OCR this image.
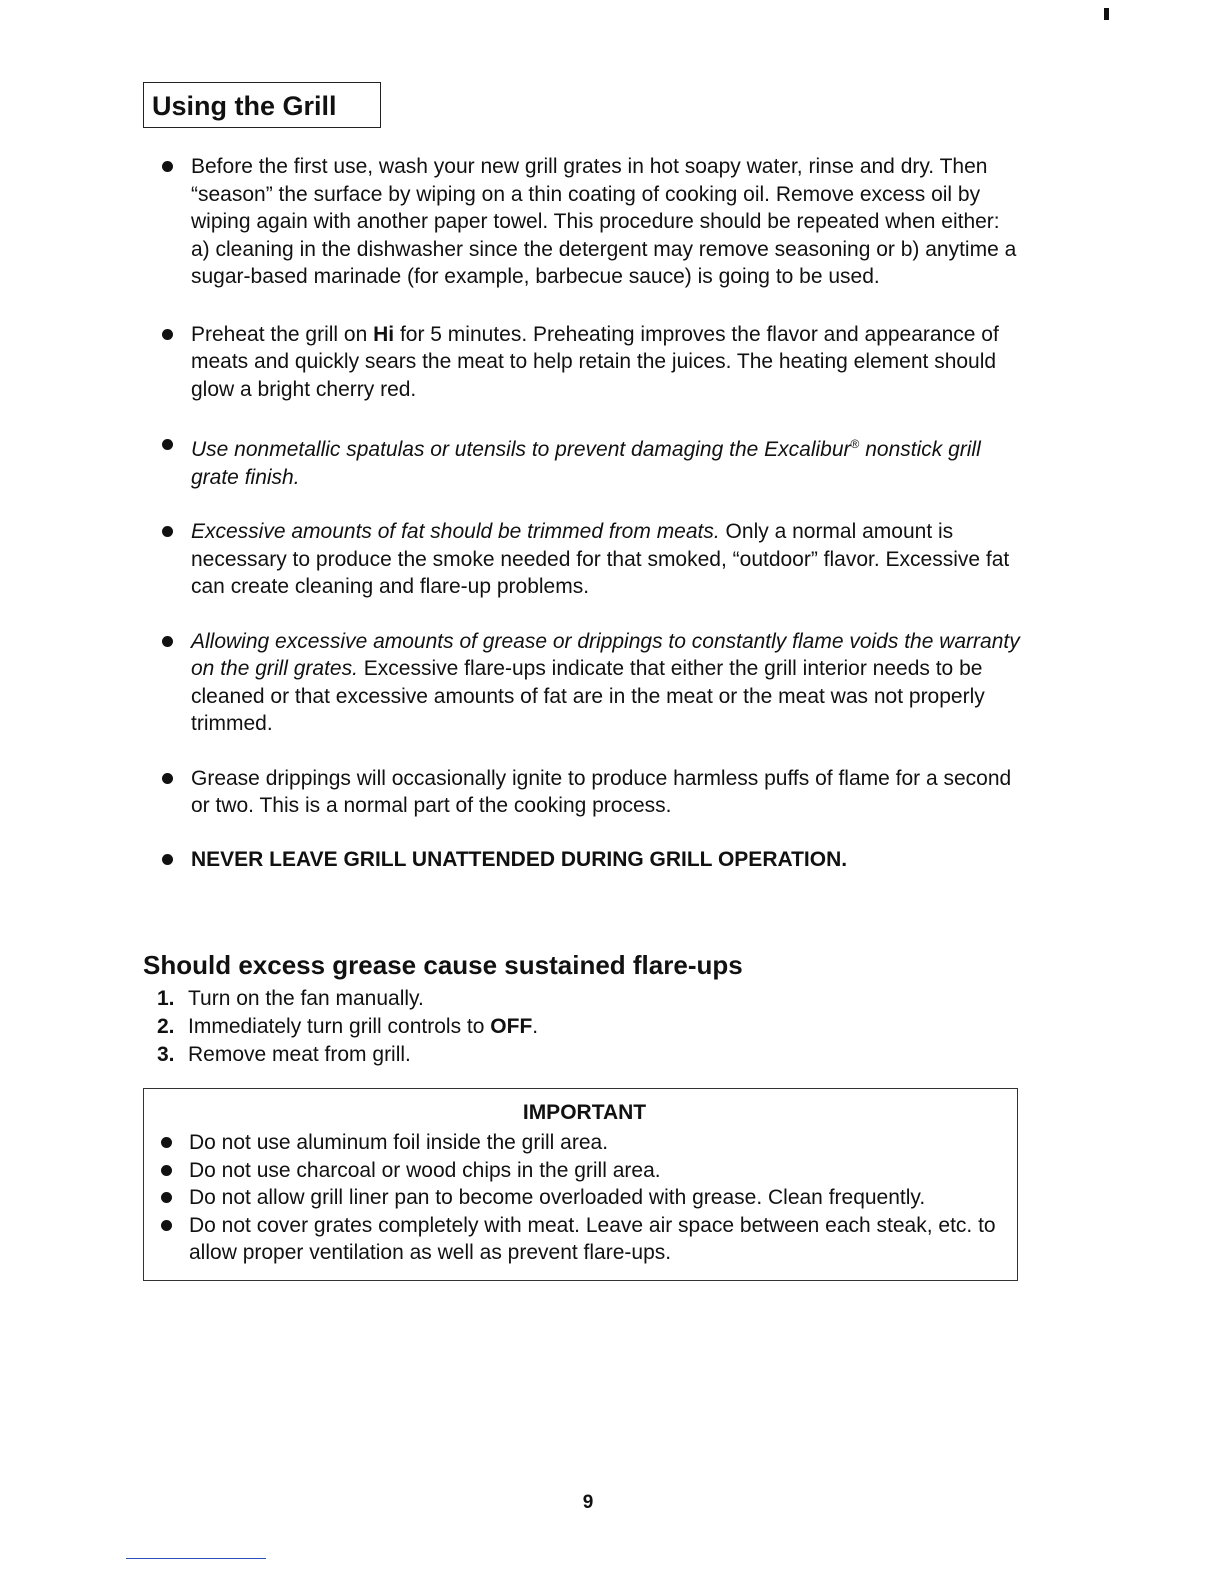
Using the Grill
Before the first use, wash your new grill grates in hot soapy water, rinse and dry. Then “season” the surface by wiping on a thin coating of cooking oil. Remove excess oil by wiping again with another paper towel. This procedure should be repeated when either: a) cleaning in the dishwasher since the detergent may remove seasoning or b) anytime a sugar-based marinade (for example, barbecue sauce) is going to be used.
Preheat the grill on Hi for 5 minutes. Preheating improves the flavor and appearance of meats and quickly sears the meat to help retain the juices. The heating element should glow a bright cherry red.
Use nonmetallic spatulas or utensils to prevent damaging the Excalibur® nonstick grill grate finish.
Excessive amounts of fat should be trimmed from meats. Only a normal amount is necessary to produce the smoke needed for that smoked, “outdoor” flavor. Excessive fat can create cleaning and flare-up problems.
Allowing excessive amounts of grease or drippings to constantly flame voids the warranty on the grill grates. Excessive flare-ups indicate that either the grill interior needs to be cleaned or that excessive amounts of fat are in the meat or the meat was not properly trimmed.
Grease drippings will occasionally ignite to produce harmless puffs of flame for a second or two. This is a normal part of the cooking process.
NEVER LEAVE GRILL UNATTENDED DURING GRILL OPERATION.
Should excess grease cause sustained flare-ups
1. Turn on the fan manually.
2. Immediately turn grill controls to OFF.
3. Remove meat from grill.
IMPORTANT
Do not use aluminum foil inside the grill area.
Do not use charcoal or wood chips in the grill area.
Do not allow grill liner pan to become overloaded with grease. Clean frequently.
Do not cover grates completely with meat. Leave air space between each steak, etc. to allow proper ventilation as well as prevent flare-ups.
9
